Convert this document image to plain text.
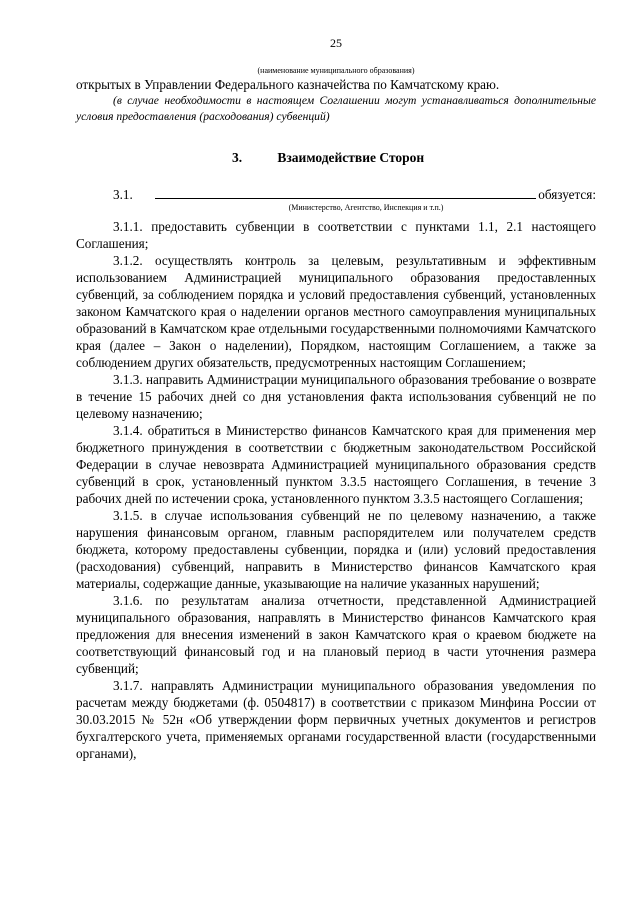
25
(наименование муниципального образования)

открытых в Управлении Федерального казначейства по Камчатскому краю.

(в случае необходимости в настоящем Соглашении могут устанавливаться дополнительные условия предоставления (расходования) субвенций)

3.	Взаимодействие Сторон
3.1.	обязуется:
(Министерство, Агентство, Инспекция и т.п.)

3.1.1. предоставить субвенции в соответствии с пунктами 1.1, 2.1 настоящего Соглашения;

3.1.2. осуществлять контроль за целевым, результативным и эффективным использованием Администрацией муниципального образования предоставленных субвенций, за соблюдением порядка и условий предоставления субвенций, установленных законом Камчатского края о наделении органов местного самоуправления муниципальных образований в Камчатском крае отдельными государственными полномочиями Камчатского края (далее – Закон о наделении), Порядком, настоящим Соглашением, а также за соблюдением других обязательств, предусмотренных настоящим Соглашением;

3.1.3. направить Администрации муниципального образования требование о возврате в течение 15 рабочих дней со дня установления факта использования субвенций не по целевому назначению;

3.1.4. обратиться в Министерство финансов Камчатского края для применения мер бюджетного принуждения в соответствии с бюджетным законодательством Российской Федерации в случае невозврата Администрацией муниципального образования средств субвенций в срок, установленный пунктом 3.3.5 настоящего Соглашения, в течение 3 рабочих дней по истечении срока, установленного пунктом 3.3.5 настоящего Соглашения;

3.1.5. в случае использования субвенций не по целевому назначению, а также нарушения финансовым органом, главным распорядителем или получателем средств бюджета, которому предоставлены субвенции, порядка и (или) условий предоставления (расходования) субвенций, направить в Министерство финансов Камчатского края материалы, содержащие данные, указывающие на наличие указанных нарушений;

3.1.6. по результатам анализа отчетности, представленной Администрацией муниципального образования, направлять в Министерство финансов Камчатского края предложения для внесения изменений в закон Камчатского края о краевом бюджете на соответствующий финансовый год и на плановый период в части уточнения размера субвенций;

3.1.7. направлять Администрации муниципального образования уведомления по расчетам между бюджетами (ф. 0504817) в соответствии с приказом Минфина России от 30.03.2015 № 52н «Об утверждении форм первичных учетных документов и регистров бухгалтерского учета, применяемых органами государственной власти (государственными органами),
